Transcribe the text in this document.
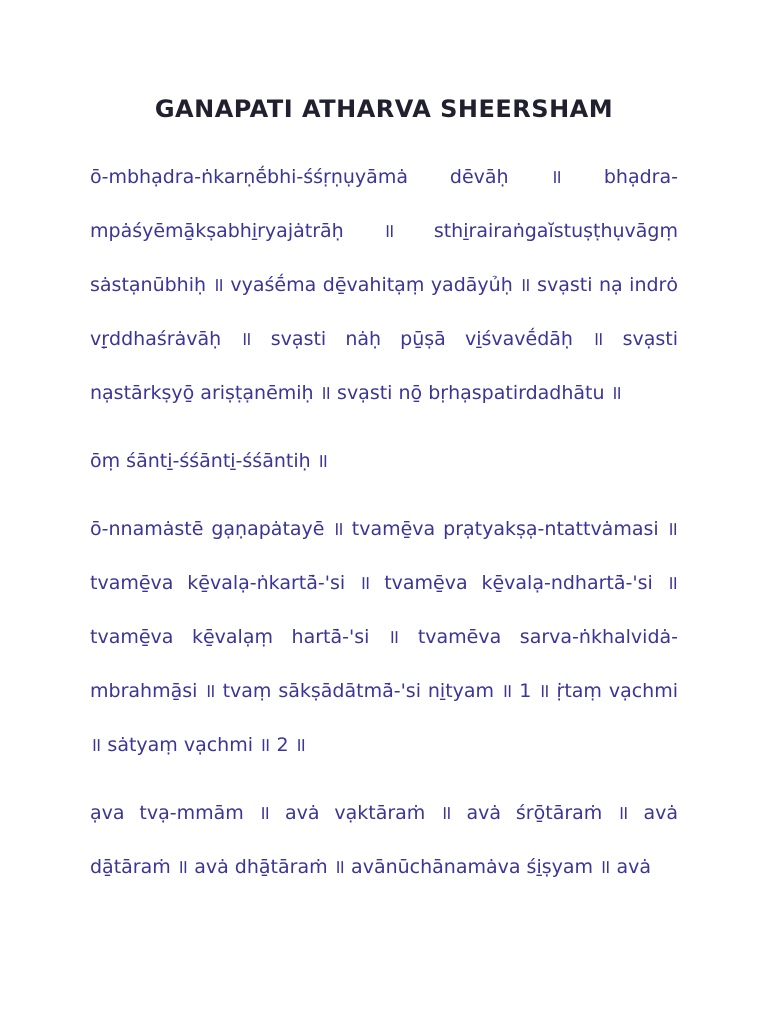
GANAPATI ATHARVA SHEERSHAM

ō-mbhạdra-ṅkarṇḗbhi-śśṛṇụyāmȧ dēvāḥ ॥ bhạdra-mpȧśyēmā̱kṣabhi̱ryajȧtrāḥ ॥ sthi̱rairaṅgaĭstuṣṭhụvāgṃ sȧstạnūbhiḥ ॥ vyaśḗma dē̱vahi̇tạṃ yadāyủḥ ॥ svạsti nạ indrȯ vṛ̱ddhaśrȧvāḥ ॥ svạsti nȧḥ pū̱ṣā vi̱śvavḗdāḥ ॥ svạsti nạstārkṣyō̱ ari̇ṣṭạnēmiḥ ॥ svạsti nō̱ bṛhạspati̇rdadhātu ॥

ōṃ śānti̱-śśānti̱-śśānti̇ḥ ॥

ō-nnamȧstē gạṇapȧtayē ॥ tvamē̱va prạtyakṣạ-ntattvȧmasi ॥ tvamē̱va kē̱valạ-ṅkartā̇-'si ॥ tvamē̱va kē̱valạ-ndhartā̇-'si ॥ tvamē̱va kē̱valạṃ hartā̇-'si ॥ tvamēva sarva-ṅkhalvidȧ-mbrahmā̱si ॥ tvaṃ sākṣādātmā̇-'si ni̱tyam ॥ 1 ॥ ṛ̇taṃ vạchmi ॥ sȧtyaṃ vạchmi ॥ 2 ॥

ạva tvạ-mmām ॥ avȧ vạktāraṁ ॥ avȧ śrō̱tāraṁ ॥ avȧ dā̱tāraṁ ॥ avȧ dhā̱tāraṁ ॥ avānūchānamȧva śi̱ṣyam ॥ avȧ
